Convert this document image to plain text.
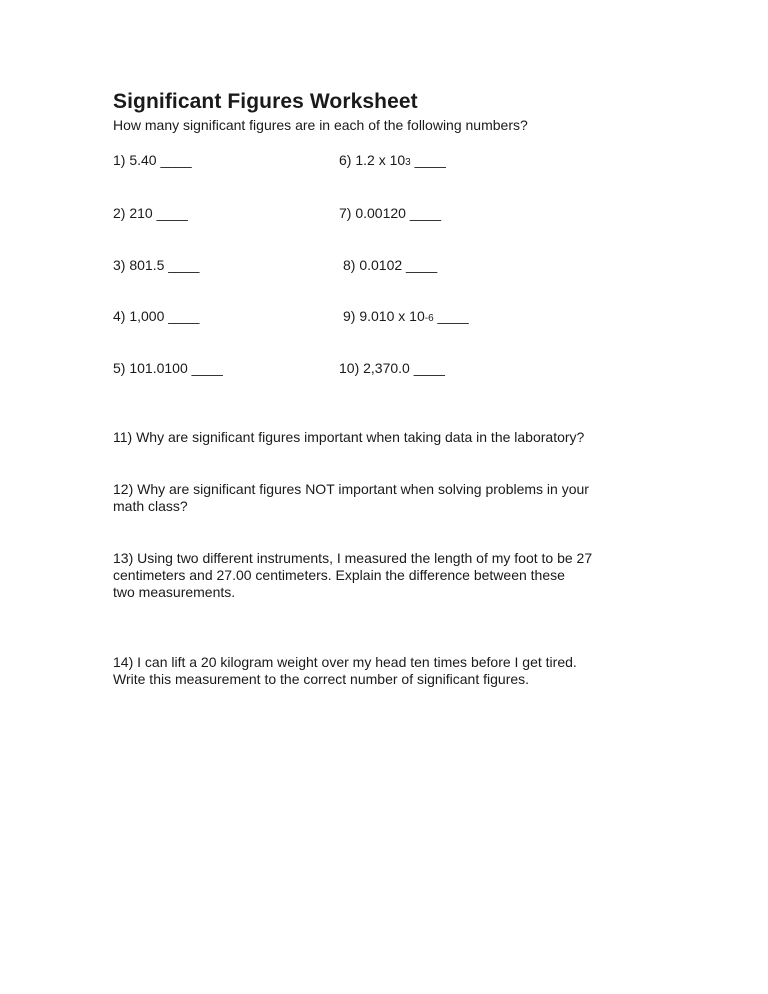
Significant Figures Worksheet
How many significant figures are in each of the following numbers?
1) 5.40 ____
2) 210 ____
3) 801.5 ____
4) 1,000 ____
5) 101.0100 ____
6) 1.2 x 103 ____
7) 0.00120 ____
8) 0.0102 ____
9) 9.010 x 10-6 ____
10) 2,370.0 ____
11) Why are significant figures important when taking data in the laboratory?
12) Why are significant figures NOT important when solving problems in your
math class?
13) Using two different instruments, I measured the length of my foot to be 27
centimeters and 27.00 centimeters. Explain the difference between these
two measurements.
14) I can lift a 20 kilogram weight over my head ten times before I get tired.
Write this measurement to the correct number of significant figures.
